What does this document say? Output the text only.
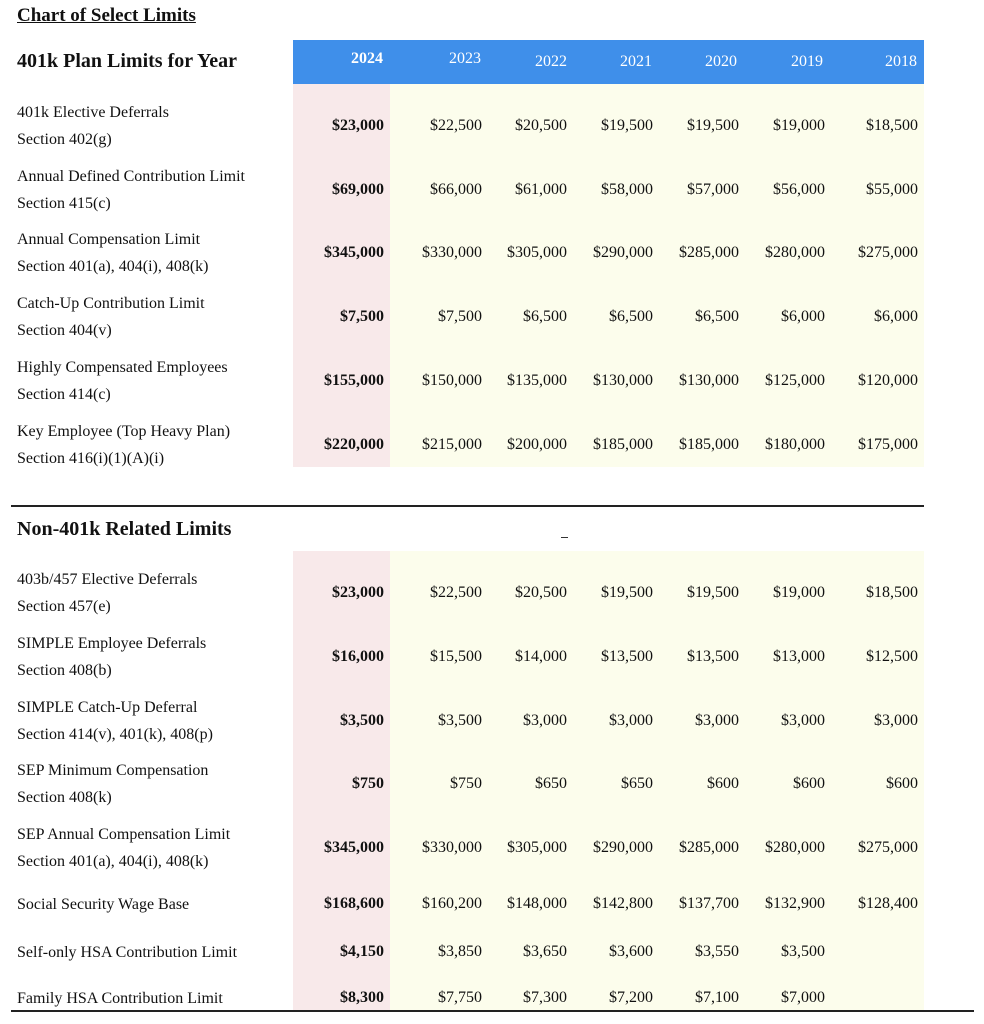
Chart of Select Limits
401k Plan Limits for Year	2024	2023	2022	2021	2020	2019	2018
401k Elective Deferrals
Section 402(g)
$23,000	$22,500	$20,500	$19,500	$19,500	$19,000	$18,500
Annual Defined Contribution Limit
Section 415(c)
$69,000	$66,000	$61,000	$58,000	$57,000	$56,000	$55,000
Annual Compensation Limit
Section 401(a), 404(i), 408(k)
$345,000	$330,000	$305,000	$290,000	$285,000	$280,000	$275,000
Catch-Up Contribution Limit
Section 404(v)
$7,500	$7,500	$6,500	$6,500	$6,500	$6,000	$6,000
Highly Compensated Employees
Section 414(c)
$155,000	$150,000	$135,000	$130,000	$130,000	$125,000	$120,000
Key Employee (Top Heavy Plan)
Section 416(i)(1)(A)(i)
$220,000	$215,000	$200,000	$185,000	$185,000	$180,000	$175,000
Non-401k Related Limits
403b/457 Elective Deferrals
Section 457(e)
$23,000	$22,500	$20,500	$19,500	$19,500	$19,000	$18,500
SIMPLE Employee Deferrals
Section 408(b)
$16,000	$15,500	$14,000	$13,500	$13,500	$13,000	$12,500
SIMPLE Catch-Up Deferral
Section 414(v), 401(k), 408(p)
$3,500	$3,500	$3,000	$3,000	$3,000	$3,000	$3,000
SEP Minimum Compensation
Section 408(k)
$750	$750	$650	$650	$600	$600	$600
SEP Annual Compensation Limit
Section 401(a), 404(i), 408(k)
$345,000	$330,000	$305,000	$290,000	$285,000	$280,000	$275,000
Social Security Wage Base	$168,600	$160,200	$148,000	$142,800	$137,700	$132,900	$128,400
Self-only HSA Contribution Limit	$4,150	$3,850	$3,650	$3,600	$3,550	$3,500
Family HSA Contribution Limit	$8,300	$7,750	$7,300	$7,200	$7,100	$7,000
